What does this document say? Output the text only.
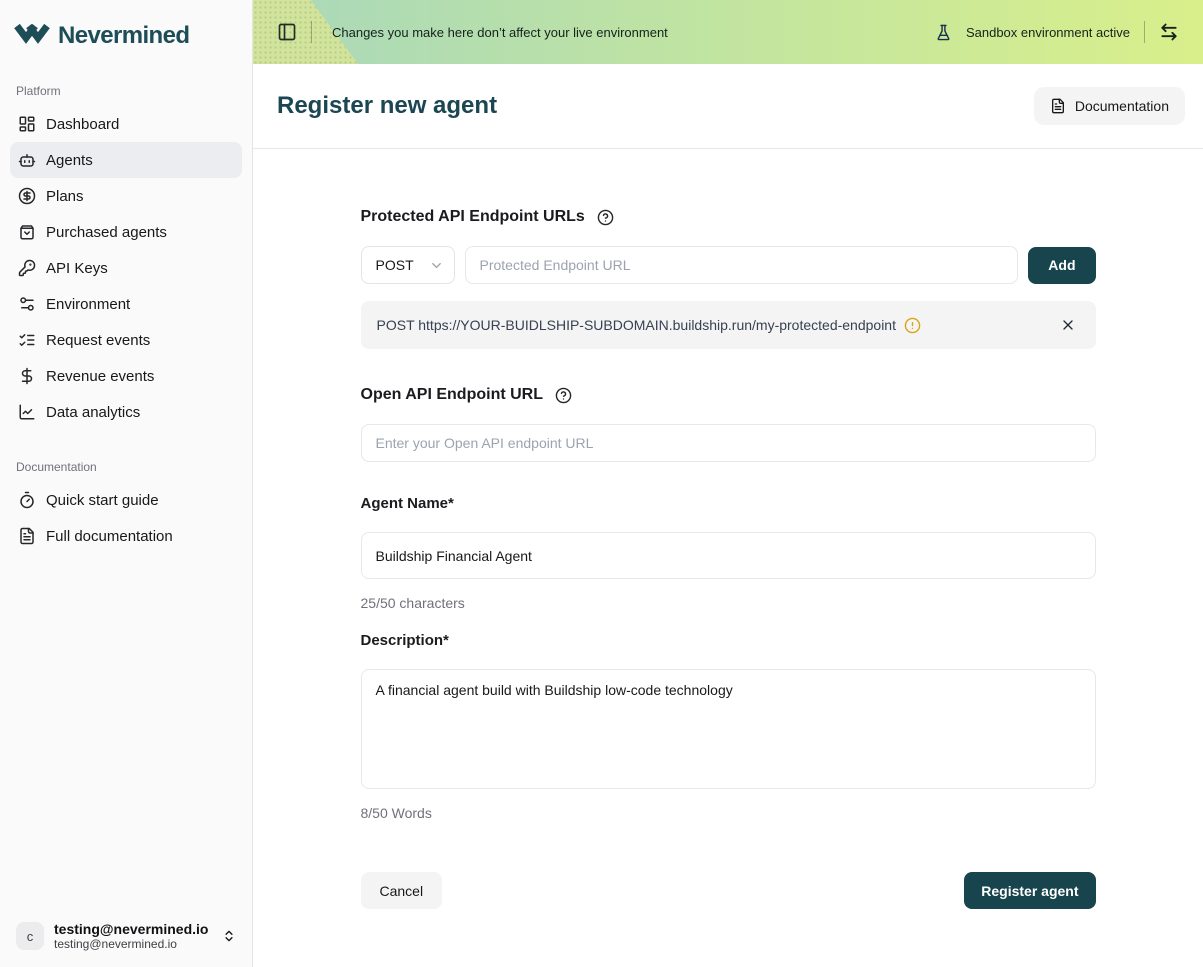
Nevermined
Platform
Dashboard
Agents
Plans
Purchased agents
API Keys
Environment
Request events
Revenue events
Data analytics
Documentation
Quick start guide
Full documentation
c	testing@nevermined.io
testing@nevermined.io
Changes you make here don’t affect your live environment	Sandbox environment active
Register new agent	Documentation
Protected API Endpoint URLs
POST
Protected Endpoint URL	Add
POST https://YOUR-BUIDLSHIP-SUBDOMAIN.buildship.run/my-protected-endpoint
Open API Endpoint URL
Enter your Open API endpoint URL
Agent Name*
Buildship Financial Agent
25/50 characters
Description*
A financial agent build with Buildship low-code technology
8/50 Words
Cancel	Register agent
